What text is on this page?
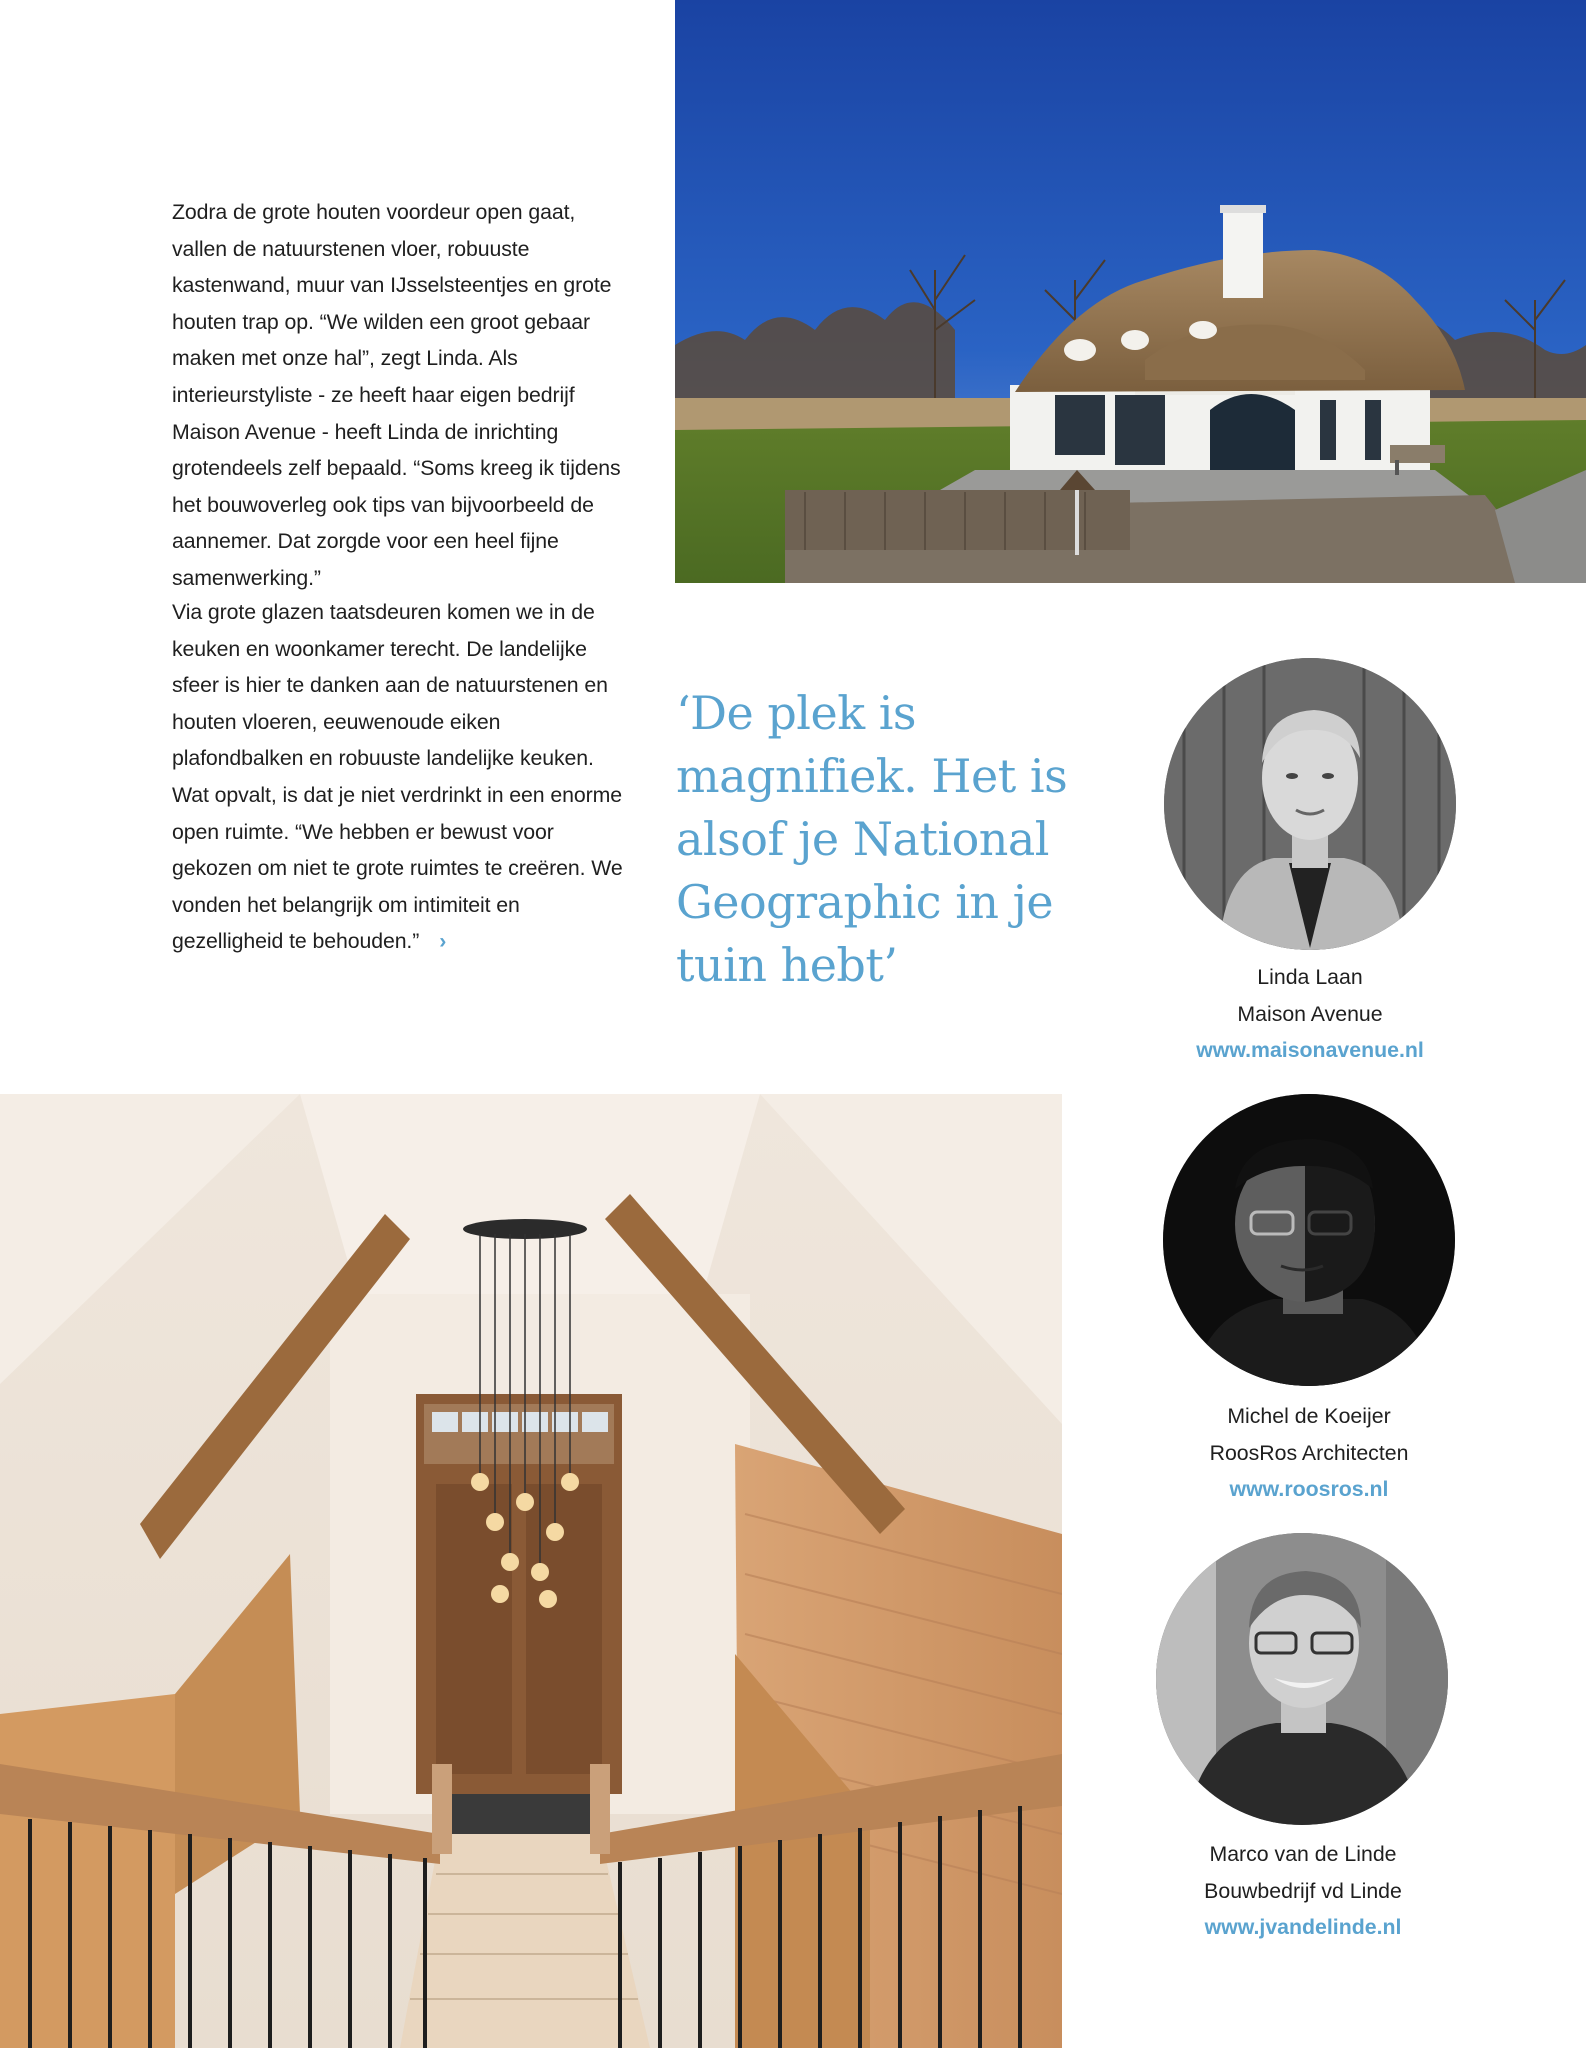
Zodra de grote houten voordeur open gaat, vallen de natuurstenen vloer, robuuste kastenwand, muur van IJsselsteentjes en grote houten trap op. “We wilden een groot gebaar maken met onze hal”, zegt Linda. Als interieurstyliste - ze heeft haar eigen bedrijf Maison Avenue - heeft Linda de inrichting grotendeels zelf bepaald. “Soms kreeg ik tijdens het bouwoverleg ook tips van bijvoorbeeld de aannemer. Dat zorgde voor een heel fijne samenwerking.”

Via grote glazen taatsdeuren komen we in de keuken en woonkamer terecht. De landelijke sfeer is hier te danken aan de natuurstenen en houten vloeren, eeuwenoude eiken plafondbalken en robuuste landelijke keuken. Wat opvalt, is dat je niet verdrinkt in een enorme open ruimte. “We hebben er bewust voor gekozen om niet te grote ruimtes te creëren. We vonden het belangrijk om intimiteit en gezelligheid te behouden.” ›

‘De plek is magnifiek. Het is alsof je National Geographic in je tuin hebt’	Linda Laan
Maison Avenue
www.maisonavenue.nl
Michel de Koeijer
RoosRos Architecten
www.roosros.nl
Marco van de Linde
Bouwbedrijf vd Linde
www.jvandelinde.nl
